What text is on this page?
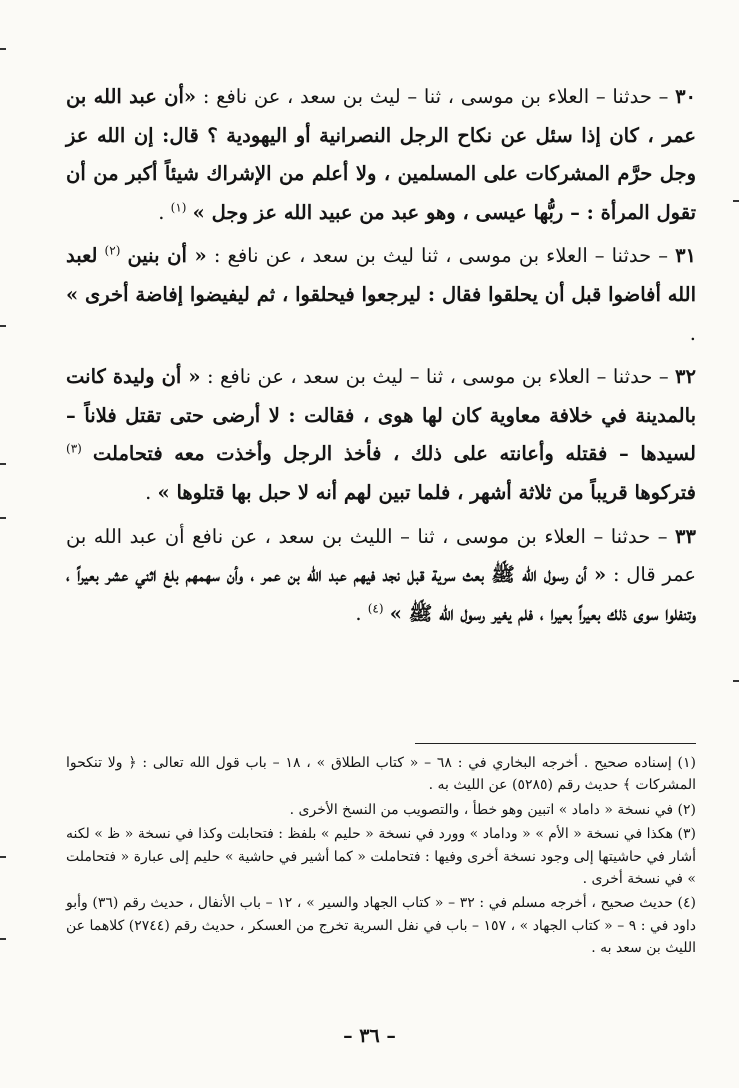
٣٠ – حدثنا – العلاء بن موسى ، ثنا – ليث بن سعد ، عن نافع : «أن عبد الله بن عمر ، كان إذا سئل عن نكاح الرجل النصرانية أو اليهودية ؟ قال: إن الله عز وجل حرَّم المشركات على المسلمين ، ولا أعلم من الإشراك شيئاً أكبر من أن تقول المرأة : – ربُّها عيسى ، وهو عبد من عبيد الله عز وجل » $^{(١)}$ .

٣١ – حدثنا – العلاء بن موسى ، ثنا ليث بن سعد ، عن نافع : « أن بنين $^{(٢)}$ لعبد الله أفاضوا قبل أن يحلقوا فقال : ليرجعوا فيحلقوا ، ثم ليفيضوا إفاضة أخرى » .

٣٢ – حدثنا – العلاء بن موسى ، ثنا – ليث بن سعد ، عن نافع : « أن وليدة كانت بالمدينة في خلافة معاوية كان لها هوى ، فقالت : لا أرضى حتى تقتل فلاناً – لسيدها – فقتله وأعانته على ذلك ، فأخذ الرجل وأخذت معه فتحاملت $^{(٣)}$ فتركوها قريباً من ثلاثة أشهر ، فلما تبين لهم أنه لا حبل بها قتلوها » .

٣٣ – حدثنا – العلاء بن موسى ، ثنا – الليث بن سعد ، عن نافع أن عبد الله بن عمر قال : « أن رسول الله ﷺ بعث سرية قبل نجد فيهم عبد الله بن عمر ، وأن سهمهم بلغ اثني عشر بعيراً ، وتنفلوا سوى ذلك بعيراً بعيرا ، فلم يغير رسول الله ﷺ » $^{(٤)}$ .

(١) إسناده صحيح . أخرجه البخاري في : ٦٨ – « كتاب الطلاق » ، ١٨ – باب قول الله تعالى : ﴿ ولا تنكحوا المشركات ﴾ حديث رقم (٥٢٨٥) عن الليث به .

(٢) في نسخة « داماد » اتبين وهو خطأ ، والتصويب من النسخ الأخرى .

(٣) هكذا في نسخة « الأم » « وداماد » وورد في نسخة « حليم » بلفظ : فتحابلت وكذا في نسخة « ظ » لكنه أشار في حاشيتها إلى وجود نسخة أخرى وفيها : فتحاملت « كما أشير في حاشية » حليم إلى عبارة « فتحاملت » في نسخة أخرى .

(٤) حديث صحيح ، أخرجه مسلم في : ٣٢ – « كتاب الجهاد والسير » ، ١٢ – باب الأنفال ، حديث رقم (٣٦) وأبو داود في : ٩ – « كتاب الجهاد » ، ١٥٧ – باب في نفل السرية تخرج من العسكر ، حديث رقم (٢٧٤٤) كلاهما عن الليث بن سعد به .

– ٣٦ –
